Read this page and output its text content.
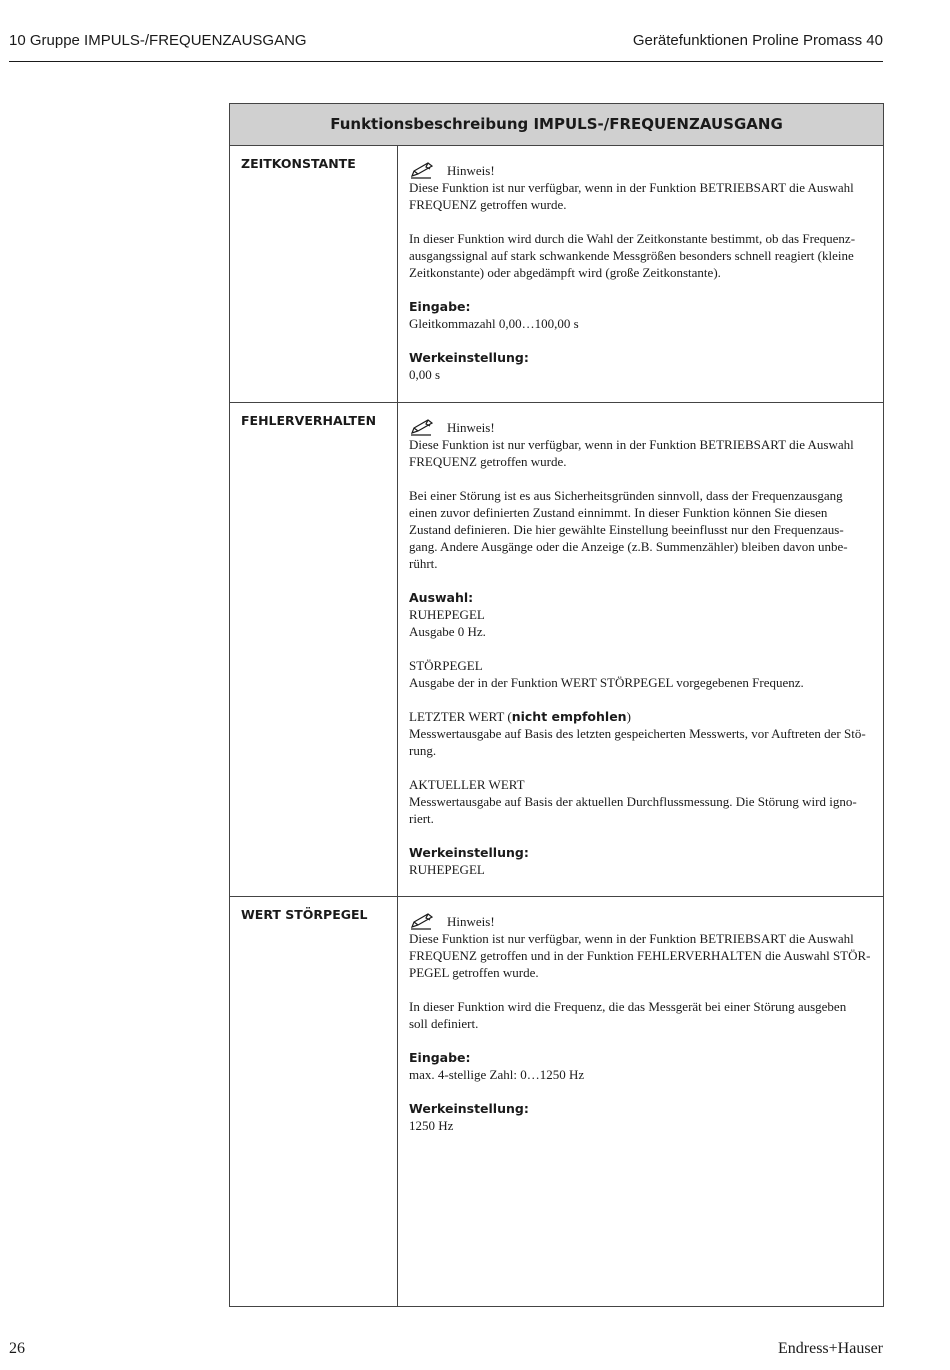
10 Gruppe IMPULS-/FREQUENZAUSGANG	Gerätefunktionen Proline Promass 40
Funktionsbeschreibung IMPULS-/FREQUENZAUSGANG
ZEITKONSTANTE	Hinweis!
Diese Funktion ist nur verfügbar, wenn in der Funktion BETRIEBSART die Auswahl
FREQUENZ getroffen wurde.
In dieser Funktion wird durch die Wahl der Zeitkonstante bestimmt, ob das Frequenz-
ausgangssignal auf stark schwankende Messgrößen besonders schnell reagiert (kleine
Zeitkonstante) oder abgedämpft wird (große Zeitkonstante).
Eingabe:
Gleitkommazahl 0,00…100,00 s
Werkeinstellung:
0,00 s
FEHLERVERHALTEN	Hinweis!
Diese Funktion ist nur verfügbar, wenn in der Funktion BETRIEBSART die Auswahl
FREQUENZ getroffen wurde.
Bei einer Störung ist es aus Sicherheitsgründen sinnvoll, dass der Frequenzausgang
einen zuvor definierten Zustand einnimmt. In dieser Funktion können Sie diesen
Zustand definieren. Die hier gewählte Einstellung beeinflusst nur den Frequenzaus-
gang. Andere Ausgänge oder die Anzeige (z.B. Summenzähler) bleiben davon unbe-
rührt.
Auswahl:
RUHEPEGEL
Ausgabe 0 Hz.
STÖRPEGEL
Ausgabe der in der Funktion WERT STÖRPEGEL vorgegebenen Frequenz.
LETZTER WERT (nicht empfohlen)
Messwertausgabe auf Basis des letzten gespeicherten Messwerts, vor Auftreten der Stö-
rung.
AKTUELLER WERT
Messwertausgabe auf Basis der aktuellen Durchflussmessung. Die Störung wird igno-
riert.
Werkeinstellung:
RUHEPEGEL
WERT STÖRPEGEL	Hinweis!
Diese Funktion ist nur verfügbar, wenn in der Funktion BETRIEBSART die Auswahl
FREQUENZ getroffen und in der Funktion FEHLERVERHALTEN die Auswahl STÖR-
PEGEL getroffen wurde.
In dieser Funktion wird die Frequenz, die das Messgerät bei einer Störung ausgeben
soll definiert.
Eingabe:
max. 4-stellige Zahl: 0…1250 Hz
Werkeinstellung:
1250 Hz
26	Endress+Hauser
